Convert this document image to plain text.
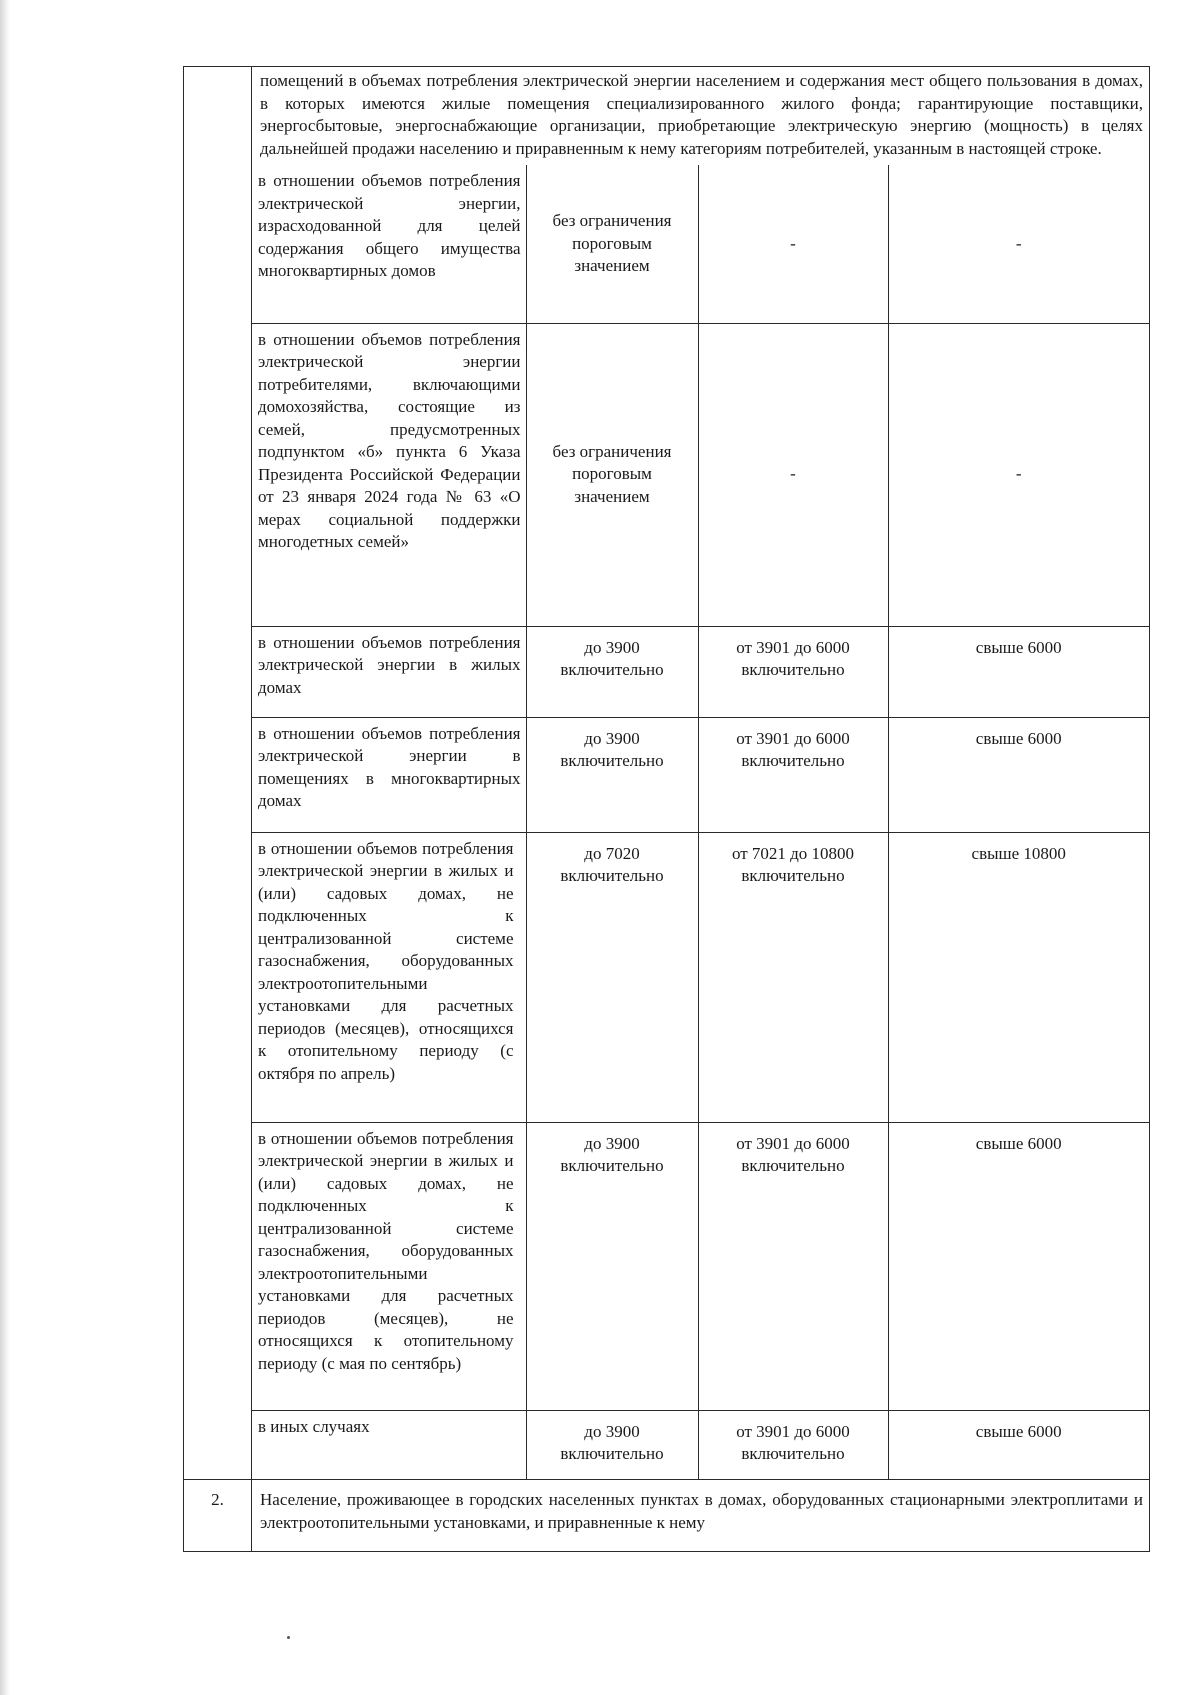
помещений в объемах потребления электрической энергии населением и содержания мест общего пользования в домах, в которых имеются жилые помещения специализированного жилого фонда; гарантирующие поставщики, энергосбытовые, энергоснабжающие организации, приобретающие электрическую энергию (мощность) в целях дальнейшей продажи населению и приравненным к нему категориям потребителей, указанным в настоящей строке.
в отношении объемов потребления электрической энергии, израсходованной для целей содержания общего имущества многоквартирных домов	без ограничения пороговым значением	-	-
в отношении объемов потребления электрической энергии потребителями, включающими домохозяйства, состоящие из семей, предусмотренных подпунктом «б» пункта 6 Указа Президента Российской Федерации от 23 января 2024 года № 63 «О мерах социальной поддержки многодетных семей»	без ограничения пороговым значением	-	-
в отношении объемов потребления электрической энергии в жилых домах	до 3900 включительно	от 3901 до 6000 включительно	свыше 6000
в отношении объемов потребления электрической энергии в помещениях в многоквартирных домах	до 3900 включительно	от 3901 до 6000 включительно	свыше 6000
в отношении объемов потребления электрической энергии в жилых и (или) садовых домах, не подключенных к централизованной системе газоснабжения, оборудованных электроотопительными установками для расчетных периодов (месяцев), относящихся к отопительному периоду (с октября по апрель)	до 7020 включительно	от 7021 до 10800 включительно	свыше 10800
в отношении объемов потребления электрической энергии в жилых и (или) садовых домах, не подключенных к централизованной системе газоснабжения, оборудованных электроотопительными установками для расчетных периодов (месяцев), не относящихся к отопительному периоду (с мая по сентябрь)	до 3900 включительно	от 3901 до 6000 включительно	свыше 6000
в иных случаях	до 3900 включительно	от 3901 до 6000 включительно	свыше 6000

2.	Население, проживающее в городских населенных пунктах в домах, оборудованных стационарными электроплитами и электроотопительными установками, и приравненные к нему
